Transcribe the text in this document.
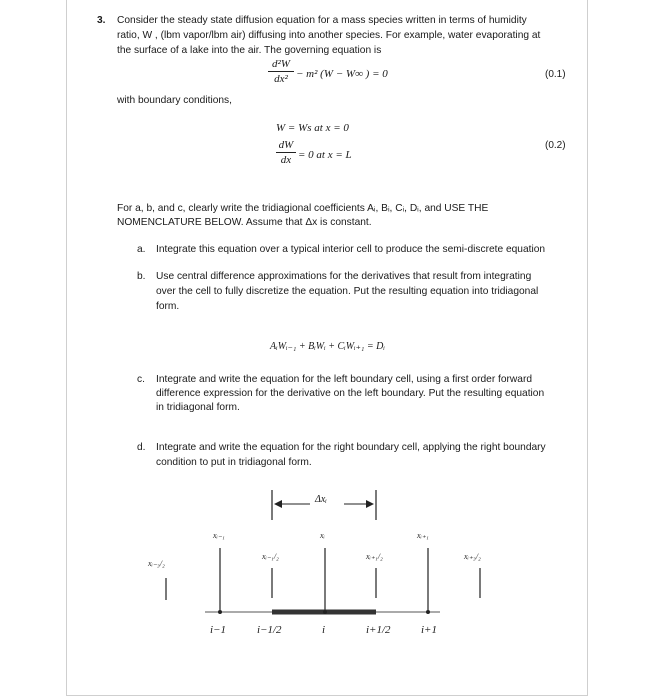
3. Consider the steady state diffusion equation for a mass species written in terms of humidity
ratio, W , (lbm vapor/lbm air) diffusing into another species. For example, water evaporating at
the surface of a lake into the air. The governing equation is
d²W
dx² − m² (W − W∞ ) = 0	(0.1)
with boundary conditions,
W = Ws at x = 0
dW
dx = 0 at x = L
(0.2)
For a, b, and c, clearly write the tridiagional coefficients Aᵢ, Bᵢ, Cᵢ, Dᵢ, and USE THE
NOMENCLATURE BELOW. Assume that Δx is constant.
a. Integrate this equation over a typical interior cell to produce the semi-discrete equation
b. Use central difference approximations for the derivatives that result from integrating
over the cell to fully discretize the equation. Put the resulting equation into tridiagonal
form.
AᵢWᵢ₋₁ + BᵢWᵢ + CᵢWᵢ₊₁ = Dᵢ
c. Integrate and write the equation for the left boundary cell, using a first order forward
difference expression for the derivative on the left boundary. Put the resulting equation
in tridiagonal form.
d. Integrate and write the equation for the right boundary cell, applying the right boundary
condition to put in tridiagonal form.
Δxᵢ
xᵢ₋₃/₂
xᵢ₋₁
xᵢ₋₁/₂
xᵢ
xᵢ₊₁/₂
xᵢ₊₁
xᵢ₊₃/₂
i−1	i−1/2	i	i+1/2	i+1
